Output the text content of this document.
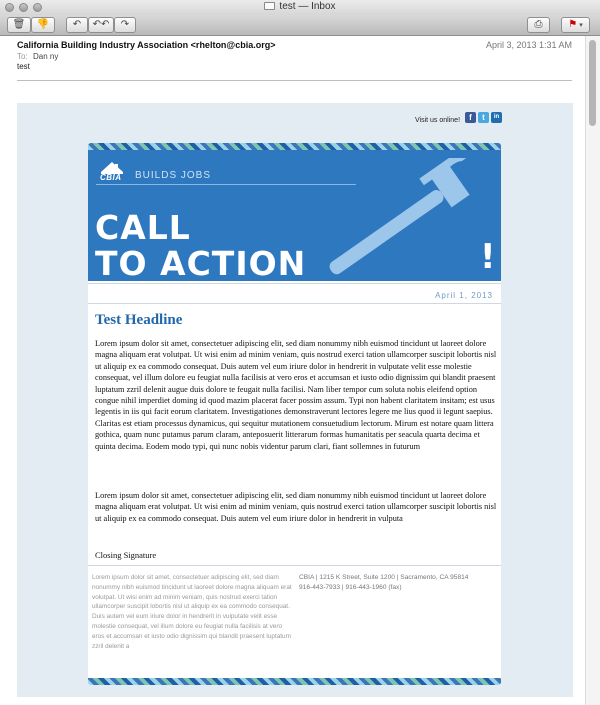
test — Inbox
🗑	👎	↶	↶↶	↷	⎙	⚑ ▾
California Building Industry Association <rhelton@cbia.org>	April 3, 2013 1:31 AM
To: Dan ny
test
Visit us online!	f	t	in
CBIA BUILDS JOBS
CALL
TO ACTION	!
April 1, 2013
Test Headline
Lorem ipsum dolor sit amet, consectetuer adipiscing elit, sed diam nonummy nibh euismod tincidunt ut laoreet dolore magna aliquam erat volutpat. Ut wisi enim ad minim veniam, quis nostrud exerci tation ullamcorper suscipit lobortis nisl ut aliquip ex ea commodo consequat. Duis autem vel eum iriure dolor in hendrerit in vulputate velit esse molestie consequat, vel illum dolore eu feugiat nulla facilisis at vero eros et accumsan et iusto odio dignissim qui blandit praesent luptatum zzril delenit augue duis dolore te feugait nulla facilisi. Nam liber tempor cum soluta nobis eleifend option congue nihil imperdiet doming id quod mazim placerat facer possim assum. Typi non habent claritatem insitam; est usus legentis in iis qui facit eorum claritatem. Investigationes demonstraverunt lectores legere me lius quod ii legunt saepius. Claritas est etiam processus dynamicus, qui sequitur mutationem consuetudium lectorum. Mirum est notare quam littera gothica, quam nunc putamus parum claram, anteposuerit litterarum formas humanitatis per seacula quarta decima et quinta decima. Eodem modo typi, qui nunc nobis videntur parum clari, fiant sollemnes in futurum
Lorem ipsum dolor sit amet, consectetuer adipiscing elit, sed diam nonummy nibh euismod tincidunt ut laoreet dolore magna aliquam erat volutpat. Ut wisi enim ad minim veniam, quis nostrud exerci tation ullamcorper suscipit lobortis nisl ut aliquip ex ea commodo consequat. Duis autem vel eum iriure dolor in hendrerit in vulputa
Closing Signature
Lorem ipsum dolor sit amet, consectetuer adipiscing elit, sed diam nonummy nibh euismod tincidunt ut laoreet dolore magna aliquam erat volutpat. Ut wisi enim ad minim veniam, quis nostrud exerci tation ullamcorper suscipit lobortis nisl ut aliquip ex ea commodo consequat. Duis autem vel eum iriure dolor in hendrerit in vulputate velit esse molestie consequat, vel illum dolore eu feugiat nulla facilisis at vero eros et accumsan et iusto odio dignissim qui blandit praesent luptatum zzril delenit a
CBIA | 1215 K Street, Suite 1200 | Sacramento, CA 95814
916-443-7933 | 916-443-1960 (fax)
